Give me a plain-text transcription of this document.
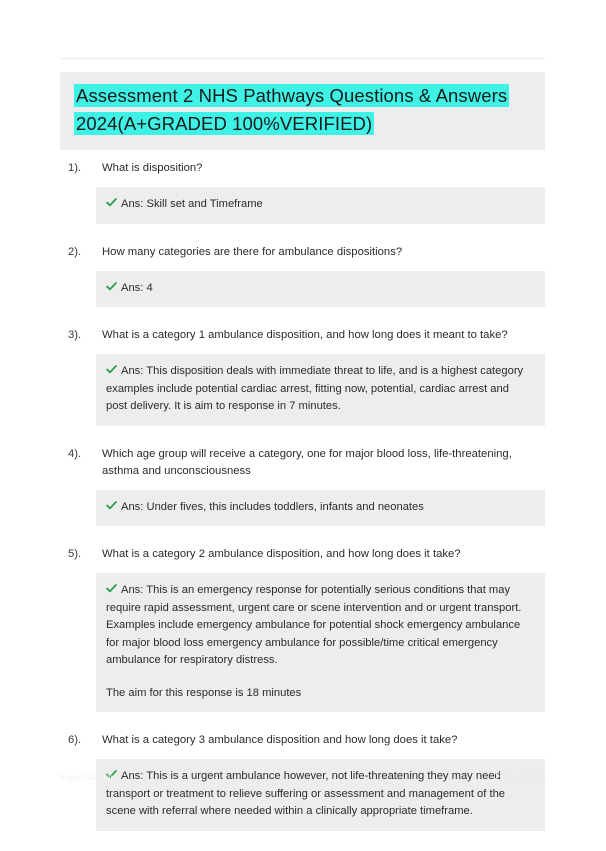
Assessment 2 NHS Pathways Questions & Answers 2024(A+GRADED 100%VERIFIED)
1).	What is disposition?

Ans: Skill set and Timeframe

2).	How many categories are there for ambulance dispositions?

Ans: 4

3).	What is a category 1 ambulance disposition, and how long does it meant to take?

Ans: This disposition deals with immediate threat to life, and is a highest category examples include potential cardiac arrest, fitting now, potential, cardiac arrest and post delivery. It is aim to response in 7 minutes.

4).	Which age group will receive a category, one for major blood loss, life-threatening, asthma and unconsciousness

Ans: Under fives, this includes toddlers, infants and neonates

5).	What is a category 2 ambulance disposition, and how long does it take?

Ans: This is an emergency response for potentially serious conditions that may require rapid assessment, urgent care or scene intervention and or urgent transport. Examples include emergency ambulance for potential shock emergency ambulance for major blood loss emergency ambulance for possible/time critical emergency ambulance for respiratory distress.

The aim for this response is 18 minutes

6).	What is a category 3 ambulance disposition and how long does it take?

Ans: This is a urgent ambulance however, not life-threatening they may need transport or treatment to relieve suffering or assessment and management of the scene with referral where needed within a clinically appropriate timeframe.

PaperStic.com	Page 1 of 4
